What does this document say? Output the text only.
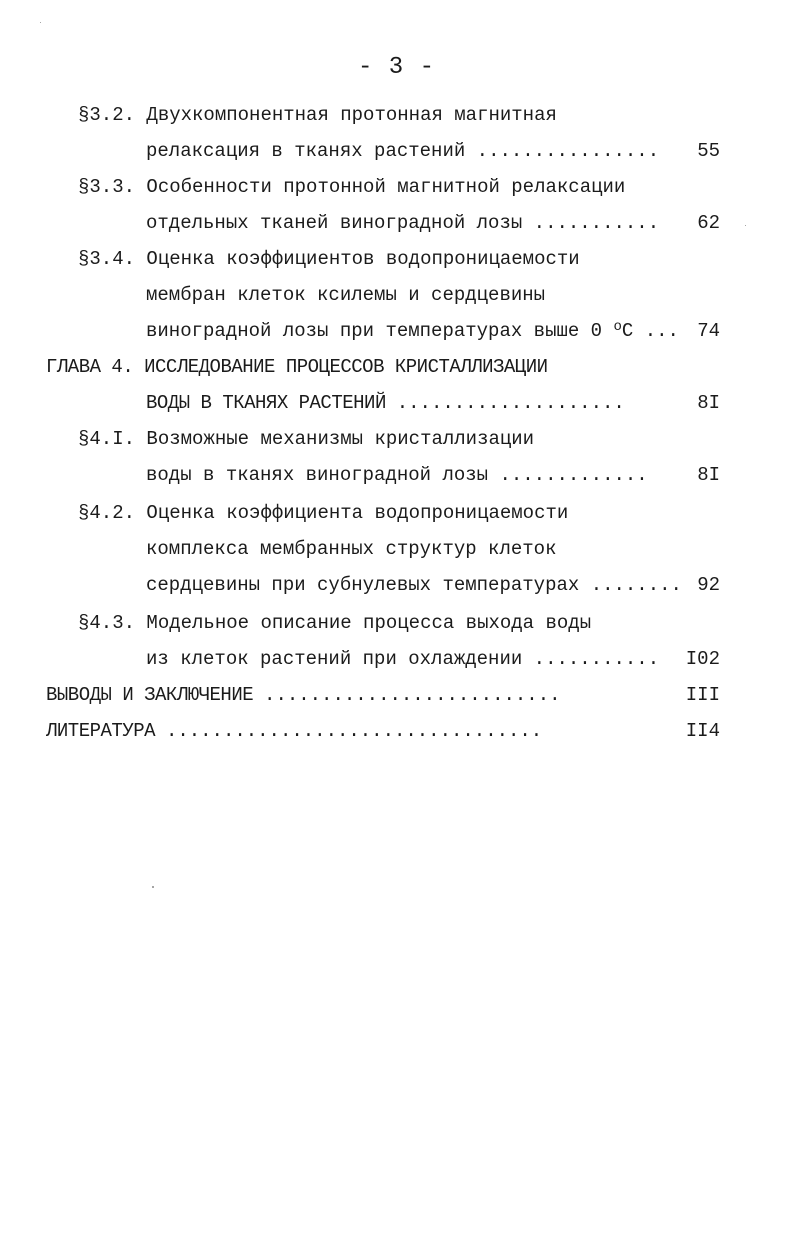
- 3 -
§3.2. Двухкомпонентная протонная магнитная
релаксация в тканях растений ................	55
§3.3. Особенности протонной магнитной релаксации
отдельных тканей виноградной лозы ...........	62
§3.4. Оценка коэффициентов водопроницаемости
мембран клеток ксилемы и сердцевины
виноградной лозы при температурах выше 0 $^o$C ... 74
ГЛАВА 4. ИССЛЕДОВАНИЕ ПРОЦЕССОВ КРИСТАЛЛИЗАЦИИ
ВОДЫ В ТКАНЯХ РАСТЕНИЙ ....................	8I
§4.I. Возможные механизмы кристаллизации
воды в тканях виноградной лозы .............	8I
§4.2. Оценка коэффициента водопроницаемости
комплекса мембранных структур клеток
сердцевины при субнулевых температурах ........ 92
§4.3. Модельное описание процесса выхода воды
из клеток растений при охлаждении ...........	I02
ВЫВОДЫ И ЗАКЛЮЧЕНИЕ ..........................	III
ЛИТЕРАТУРА .................................	II4
